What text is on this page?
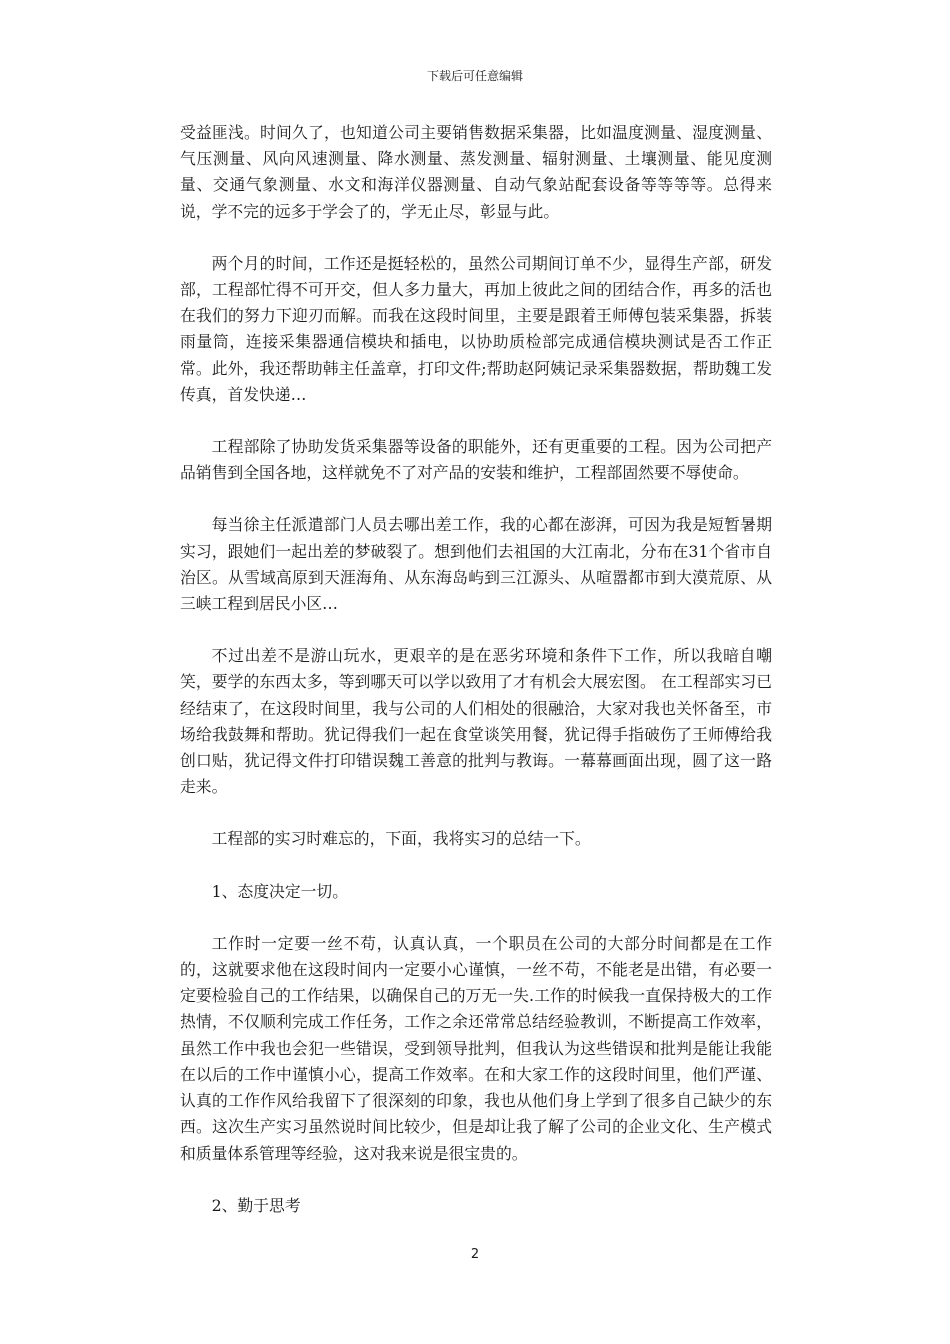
下载后可任意编辑

受益匪浅。时间久了，也知道公司主要销售数据采集器，比如温度测量、湿度测量、气压测量、风向风速测量、降水测量、蒸发测量、辐射测量、土壤测量、能见度测量、交通气象测量、水文和海洋仪器测量、自动气象站配套设备等等等等。总得来说，学不完的远多于学会了的，学无止尽，彰显与此。

两个月的时间，工作还是挺轻松的，虽然公司期间订单不少，显得生产部，研发部，工程部忙得不可开交，但人多力量大，再加上彼此之间的团结合作，再多的活也在我们的努力下迎刃而解。而我在这段时间里，主要是跟着王师傅包装采集器，拆装雨量筒，连接采集器通信模块和插电，以协助质检部完成通信模块测试是否工作正常。此外，我还帮助韩主任盖章，打印文件;帮助赵阿姨记录采集器数据，帮助魏工发传真，首发快递…

工程部除了协助发货采集器等设备的职能外，还有更重要的工程。因为公司把产品销售到全国各地，这样就免不了对产品的安装和维护，工程部固然要不辱使命。

每当徐主任派遣部门人员去哪出差工作，我的心都在澎湃，可因为我是短暂暑期实习，跟她们一起出差的梦破裂了。想到他们去祖国的大江南北，分布在31个省市自治区。从雪域高原到天涯海角、从东海岛屿到三江源头、从喧嚣都市到大漠荒原、从三峡工程到居民小区…

不过出差不是游山玩水，更艰辛的是在恶劣环境和条件下工作，所以我暗自嘲笑，要学的东西太多，等到哪天可以学以致用了才有机会大展宏图。 在工程部实习已经结束了，在这段时间里，我与公司的人们相处的很融洽，大家对我也关怀备至，市场给我鼓舞和帮助。犹记得我们一起在食堂谈笑用餐，犹记得手指破伤了王师傅给我创口贴，犹记得文件打印错误魏工善意的批判与教诲。一幕幕画面出现，圆了这一路走来。

工程部的实习时难忘的，下面，我将实习的总结一下。

1、态度决定一切。

工作时一定要一丝不苟，认真认真，一个职员在公司的大部分时间都是在工作的，这就要求他在这段时间内一定要小心谨慎，一丝不苟，不能老是出错，有必要一定要检验自己的工作结果，以确保自己的万无一失.工作的时候我一直保持极大的工作热情，不仅顺利完成工作任务，工作之余还常常总结经验教训，不断提高工作效率，虽然工作中我也会犯一些错误，受到领导批判，但我认为这些错误和批判是能让我能在以后的工作中谨慎小心，提高工作效率。在和大家工作的这段时间里，他们严谨、认真的工作作风给我留下了很深刻的印象，我也从他们身上学到了很多自己缺少的东西。这次生产实习虽然说时间比较少，但是却让我了解了公司的企业文化、生产模式和质量体系管理等经验，这对我来说是很宝贵的。

2、勤于思考

2
